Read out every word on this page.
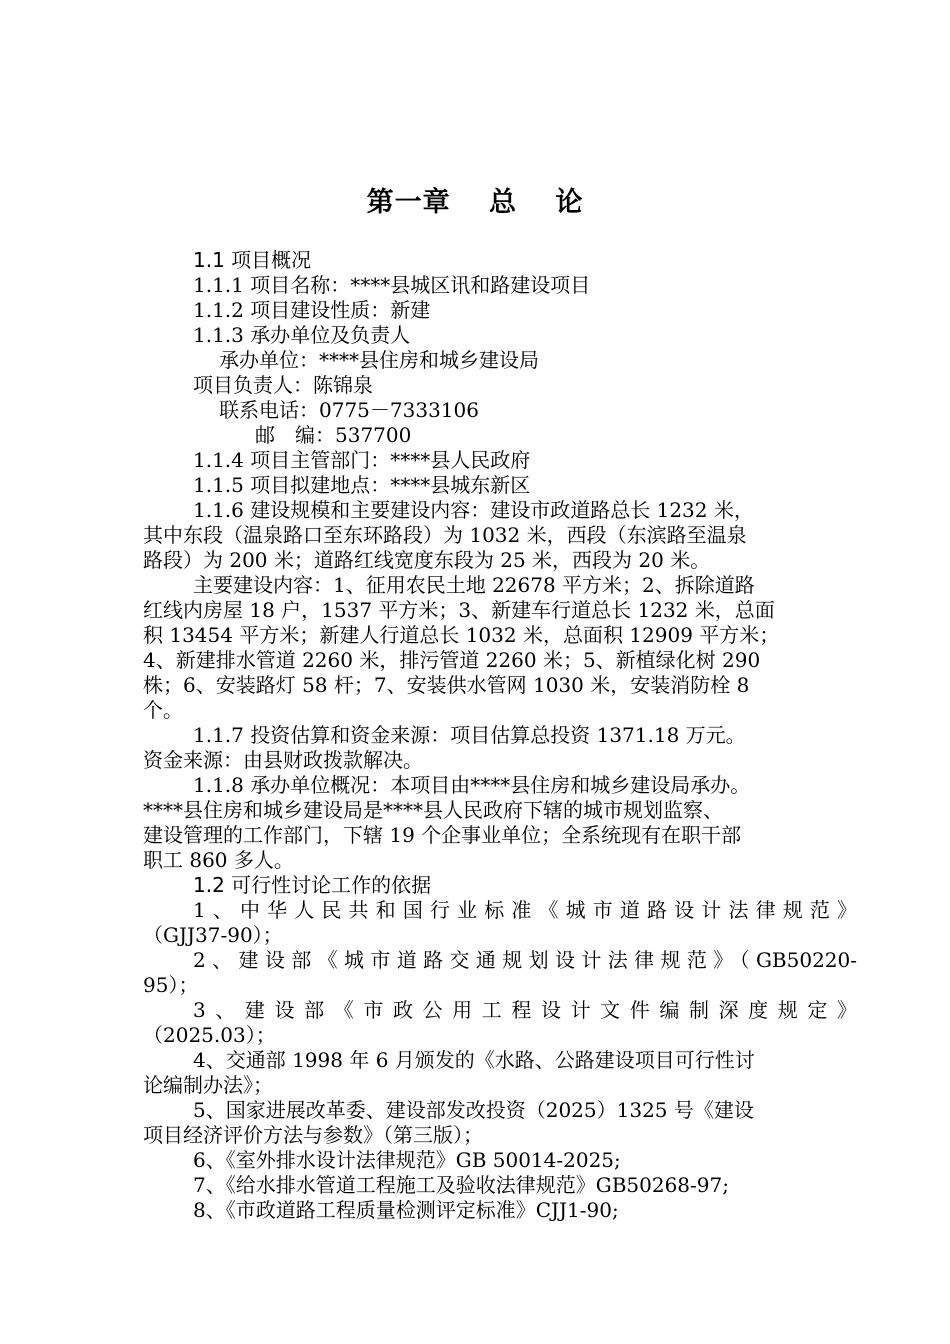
第一章　 总　 论
1.1 项目概况
1.1.1 项目名称：****县城区讯和路建设项目
1.1.2 项目建设性质：新建
1.1.3 承办单位及负责人
承办单位：****县住房和城乡建设局
项目负责人：陈锦泉
联系电话：0775－7333106
邮　编：537700
1.1.4 项目主管部门：****县人民政府
1.1.5 项目拟建地点：****县城东新区
1.1.6 建设规模和主要建设内容：建设市政道路总长 1232 米，
其中东段（温泉路口至东环路段）为 1032 米，西段（东滨路至温泉
路段）为 200 米；道路红线宽度东段为 25 米，西段为 20 米。
主要建设内容：1、征用农民土地 22678 平方米；2、拆除道路
红线内房屋 18 户，1537 平方米；3、新建车行道总长 1232 米，总面
积 13454 平方米；新建人行道总长 1032 米，总面积 12909 平方米；
4、新建排水管道 2260 米，排污管道 2260 米；5、新植绿化树 290
株；6、安装路灯 58 杆；7、安装供水管网 1030 米，安装消防栓 8
个。
1.1.7 投资估算和资金来源：项目估算总投资 1371.18 万元。
资金来源：由县财政拨款解决。
1.1.8 承办单位概况：本项目由****县住房和城乡建设局承办。
****县住房和城乡建设局是****县人民政府下辖的城市规划监察、
建设管理的工作部门，下辖 19 个企事业单位；全系统现有在职干部
职工 860 多人。
1.2 可行性讨论工作的依据
1、中华人民共和国行业标准《城市道路设计法律规范》
（GJJ37-90）；
2、建设部《城市道路交通规划设计法律规范》（GB50220-
95）；
3、建设部《市政公用工程设计文件编制深度规定》
（2025.03）；
4、交通部 1998 年 6 月颁发的《水路、公路建设项目可行性讨
论编制办法》；
5、国家进展改革委、建设部发改投资（2025）1325 号《建设
项目经济评价方法与参数》（第三版）；
6、《室外排水设计法律规范》GB 50014-2025;
7、《给水排水管道工程施工及验收法律规范》GB50268-97;
8、《市政道路工程质量检测评定标准》CJJ1-90;
